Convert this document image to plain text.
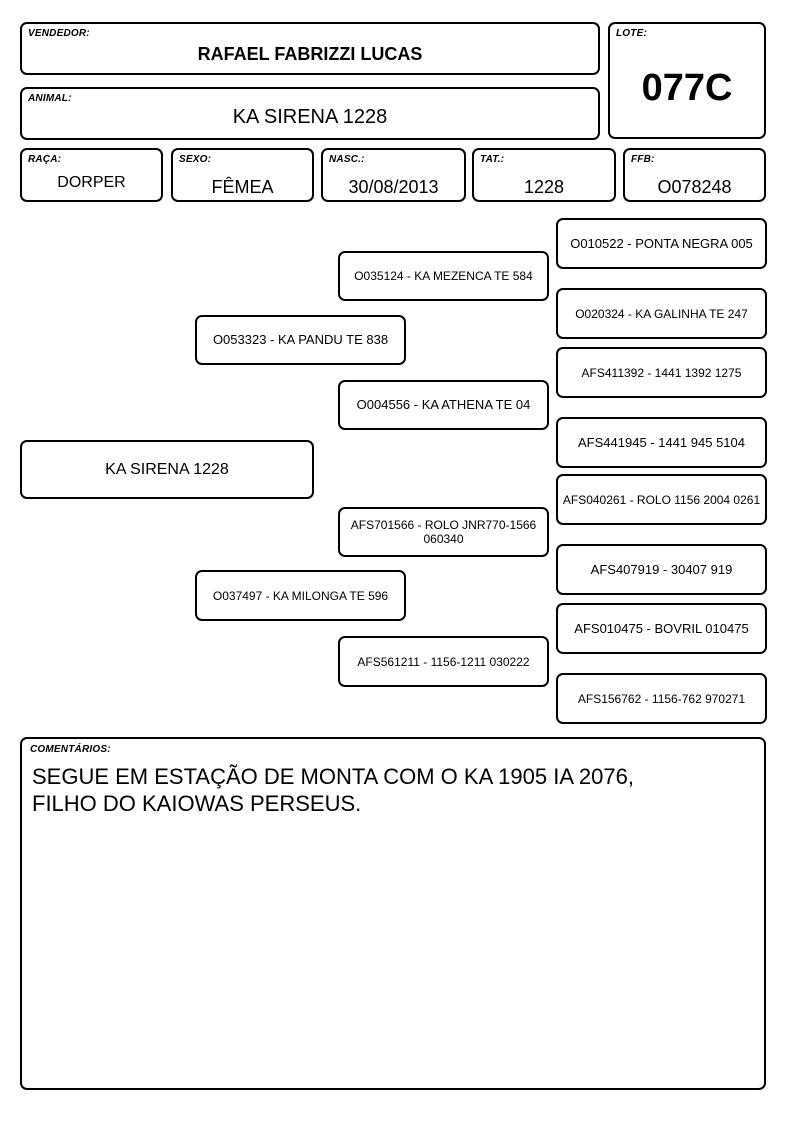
VENDEDOR:
RAFAEL FABRIZZI LUCAS
LOTE:
077C
ANIMAL:
KA SIRENA 1228
RAÇA:
DORPER
SEXO:
FÊMEA
NASC.:
30/08/2013
TAT.:
1228
FFB:
O078248
KA SIRENA 1228
O053323 - KA PANDU TE 838
O037497 - KA MILONGA TE 596
O035124 - KA MEZENCA TE 584
O004556 - KA ATHENA TE 04
AFS701566 - ROLO JNR770-1566 060340
AFS561211 - 1156-1211 030222
O010522 - PONTA NEGRA 005
O020324 - KA GALINHA TE 247
AFS411392 - 1441 1392 1275
AFS441945 - 1441 945 5104
AFS040261 - ROLO 1156 2004 0261
AFS407919 - 30407 919
AFS010475 - BOVRIL 010475
AFS156762 - 1156-762 970271
COMENTÁRIOS:
SEGUE EM ESTAÇÃO DE MONTA COM O KA 1905 IA 2076,
FILHO DO KAIOWAS PERSEUS.
